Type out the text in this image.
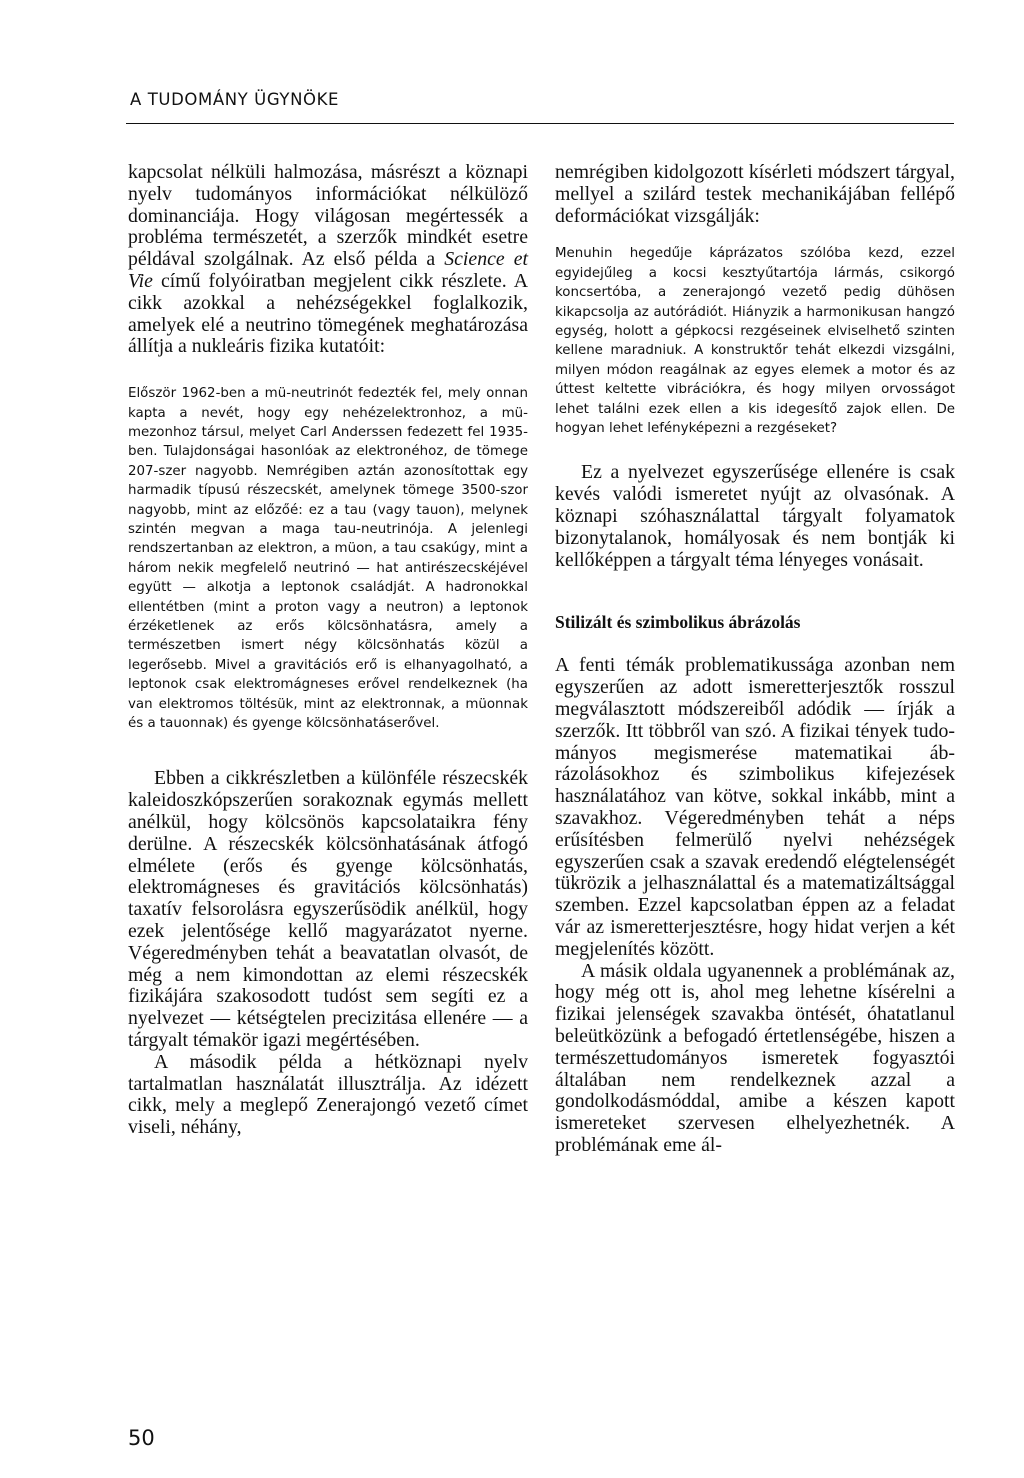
A TUDOMÁNY ÜGYNÖKE

kapcsolat nélküli halmozása, másrészt a köznapi nyelv tudományos információkat nélkülöző dominanciája. Hogy világosan megértessék a probléma természetét, a szerzők mindkét esetre példával szolgálnak. Az első példa a Science et Vie című folyóiratban megjelent cikk részlete. A cikk azokkal a nehézségekkel foglalkozik, amelyek elé a neutrino tömegének meghatározása állítja a nukleáris fizika kutatóit:

Először 1962-ben a mü-neutrinót fedezték fel, mely onnan kapta a nevét, hogy egy nehézelektronhoz, a mü-mezonhoz társul, melyet Carl Anderssen fedezett fel 1935-ben. Tulajdonságai hasonlóak az elektronéhoz, de tömege 207-szer nagyobb. Nemrégiben aztán azonosítottak egy harmadik típusú részecskét, amelynek tömege 3500-szor nagyobb, mint az előzőé: ez a tau (vagy tauon), melynek szintén megvan a maga tau-neutrinója. A jelenlegi rendszertanban az elektron, a müon, a tau csakúgy, mint a három nekik megfelelő neutrinó — hat antirészecskéjével együtt — alkotja a leptonok családját. A hadronokkal ellentétben (mint a proton vagy a neutron) a leptonok érzéketlenek az erős kölcsönhatásra, amely a természetben ismert négy kölcsönhatás közül a legerősebb. Mivel a gravitációs erő is elhanyagolható, a leptonok csak elektromágneses erővel rendelkeznek (ha van elektromos töltésük, mint az elektronnak, a müonnak és a tauonnak) és gyenge kölcsönhatáserővel.

Ebben a cikkrészletben a különféle részecskék kaleidoszkópszerűen sorakoznak egymás mellett anélkül, hogy kölcsönös kapcsolataikra fény derülne. A részecskék kölcsönhatásának átfogó elmélete (erős és gyenge kölcsönhatás, elektromágneses és gravitációs kölcsönhatás) taxatív felsorolásra egyszerűsödik anélkül, hogy ezek jelentősége kellő magyarázatot nyerne. Végeredményben tehát a beavatatlan olvasót, de még a nem kimondottan az elemi részecskék fizikájára szakosodott tudóst sem segíti ez a nyelvezet — kétségtelen precizitása ellenére — a tárgyalt témakör igazi megértésében.

A második példa a hétköznapi nyelv tartalmatlan használatát illusztrálja. Az idézett cikk, mely a meglepő Zenerajongó vezető címet viseli, néhány,

nemrégiben kidolgozott kísérleti módszert tárgyal, mellyel a szilárd testek mechanikájában fellépő deformációkat vizsgálják:

Menuhin hegedűje káprázatos szólóba kezd, ezzel egyidejűleg a kocsi kesztyűtartója lármás, csikorgó koncsertóba, a zenerajongó vezető pedig dühösen kikapcsolja az autórádiót. Hiányzik a harmonikusan hangzó egység, holott a gépkocsi rezgéseinek elviselhető szinten kellene maradniuk. A konstruktőr tehát elkezdi vizsgálni, milyen módon reagálnak az egyes elemek a motor és az úttest keltette vibrációkra, és hogy milyen orvosságot lehet találni ezek ellen a kis idegesítő zajok ellen. De hogyan lehet lefényképezni a rezgéseket?

Ez a nyelvezet egyszerűsége ellenére is csak kevés valódi ismeretet nyújt az olvasónak. A köznapi szóhasználattal tárgyalt folyamatok bizonytalanok, homályosak és nem bontják ki kellőképpen a tárgyalt téma lényeges vonásait.

Stilizált és szimbolikus ábrázolás

A fenti témák problematikussága azonban nem egyszerűen az adott ismeretterjesztők rosszul megválasztott módszereiből adódik — írják a szerzők. Itt többről van szó. A fizikai tények tudományos megismerése matematikai ábrázolásokhoz és szimbolikus kifejezések használatához van kötve, sokkal inkább, mint a szavakhoz. Végeredményben tehát a néps erűsítésben felmerülő nyelvi nehézségek egyszerűen csak a szavak eredendő elégtelenségét tükrözik a jelhasználattal és a matematizáltsággal szemben. Ezzel kapcsolatban éppen az a feladat vár az ismeretterjesztésre, hogy hidat verjen a két megjelenítés között.

A másik oldala ugyanennek a problémának az, hogy még ott is, ahol meg lehetne kísérelni a fizikai jelenségek szavakba öntését, óhatatlanul beleütközünk a befogadó értetlenségébe, hiszen a természettudományos ismeretek fogyasztói általában nem rendelkeznek azzal a gondolkodásmóddal, amibe a készen kapott ismereteket szervesen elhelyezhetnék. A problémának eme ál-

50
